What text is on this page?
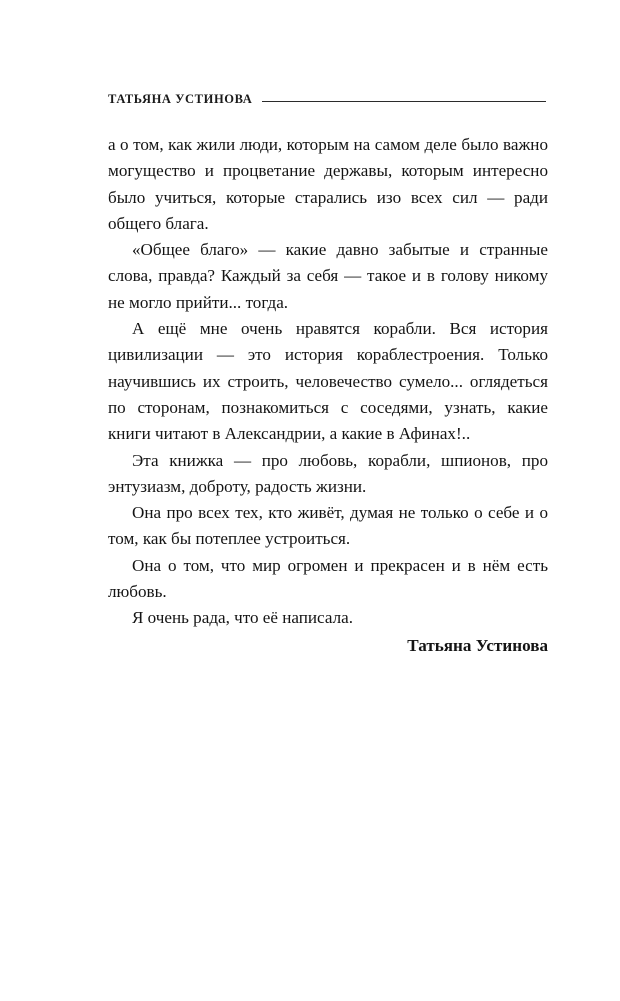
ТАТЬЯНА УСТИНОВА

а о том, как жили люди, которым на самом деле было важно могущество и процветание державы, которым интересно было учиться, которые старались изо всех сил — ради общего блага.

«Общее благо» — какие давно забытые и странные слова, правда? Каждый за себя — такое и в голову никому не могло прийти... тогда.

А ещё мне очень нравятся корабли. Вся история цивилизации — это история кораблестроения. Только научившись их строить, человечество сумело... оглядеться по сторонам, познакомиться с соседями, узнать, какие книги читают в Александрии, а какие в Афинах!..

Эта книжка — про любовь, корабли, шпионов, про энтузиазм, доброту, радость жизни.

Она про всех тех, кто живёт, думая не только о себе и о том, как бы потеплее устроиться.

Она о том, что мир огромен и прекрасен и в нём есть любовь.

Я очень рада, что её написала.

Татьяна Устинова
